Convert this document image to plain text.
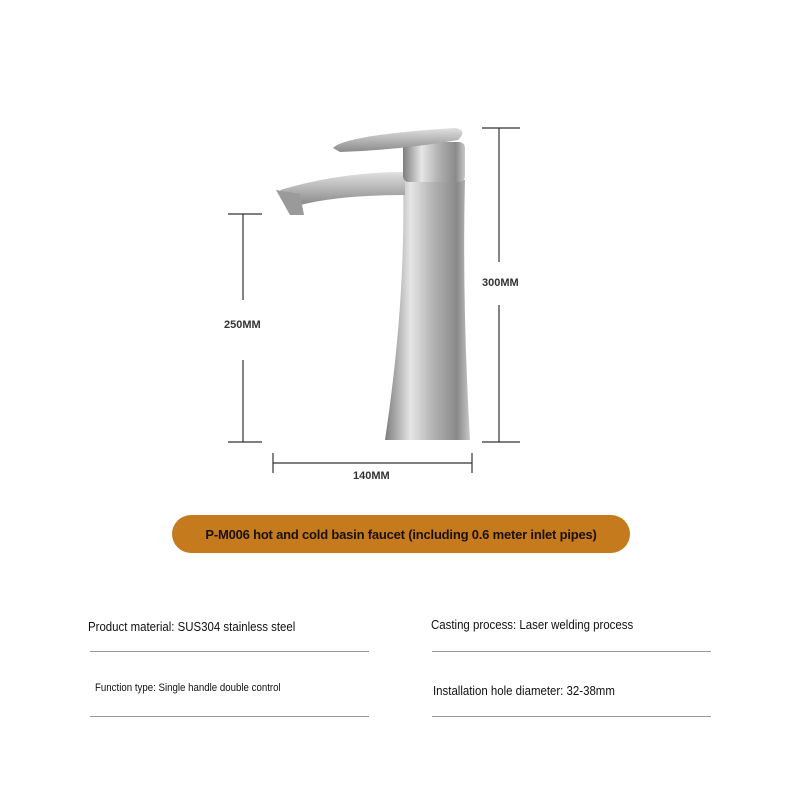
250MM
300MM
140MM
P-M006 hot and cold basin faucet (including 0.6 meter inlet pipes)
Product material: SUS304 stainless steel	Casting process: Laser welding process
Function type: Single handle double control	Installation hole diameter: 32-38mm
